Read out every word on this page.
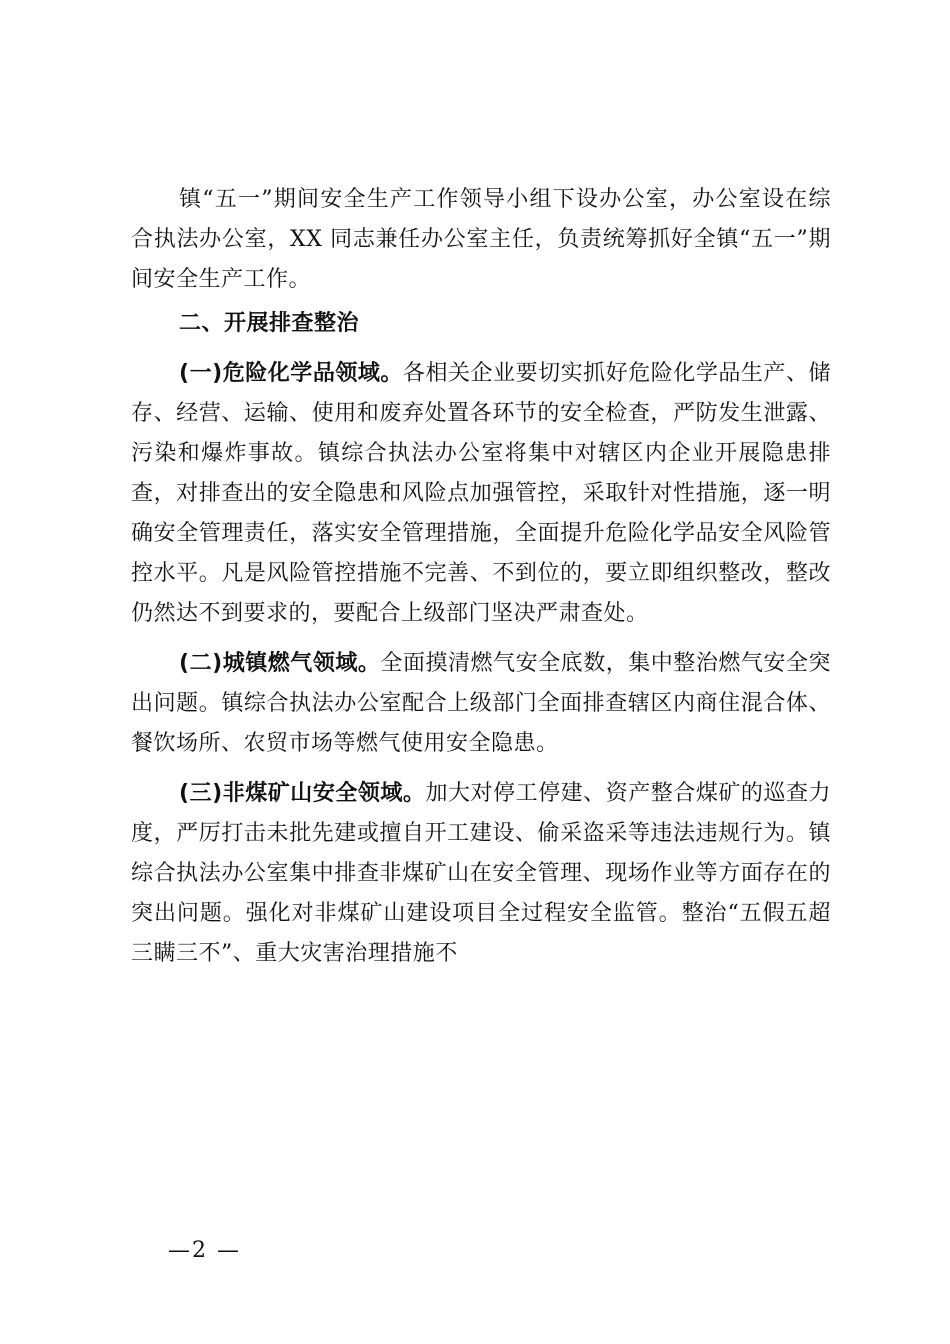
镇“五一”期间安全生产工作领导小组下设办公室，办公室设在综合执法办公室，XX 同志兼任办公室主任，负责统筹抓好全镇“五一”期间安全生产工作。

二、开展排查整治

(一)危险化学品领域。各相关企业要切实抓好危险化学品生产、储存、经营、运输、使用和废弃处置各环节的安全检查，严防发生泄露、污染和爆炸事故。镇综合执法办公室将集中对辖区内企业开展隐患排查，对排查出的安全隐患和风险点加强管控，采取针对性措施，逐一明确安全管理责任，落实安全管理措施，全面提升危险化学品安全风险管控水平。凡是风险管控措施不完善、不到位的，要立即组织整改，整改仍然达不到要求的，要配合上级部门坚决严肃查处。

(二)城镇燃气领域。全面摸清燃气安全底数，集中整治燃气安全突出问题。镇综合执法办公室配合上级部门全面排查辖区内商住混合体、餐饮场所、农贸市场等燃气使用安全隐患。

(三)非煤矿山安全领域。加大对停工停建、资产整合煤矿的巡查力度，严厉打击未批先建或擅自开工建设、偷采盗采等违法违规行为。镇综合执法办公室集中排查非煤矿山在安全管理、现场作业等方面存在的突出问题。强化对非煤矿山建设项目全过程安全监管。整治“五假五超三瞒三不”、重大灾害治理措施不

—2 —
